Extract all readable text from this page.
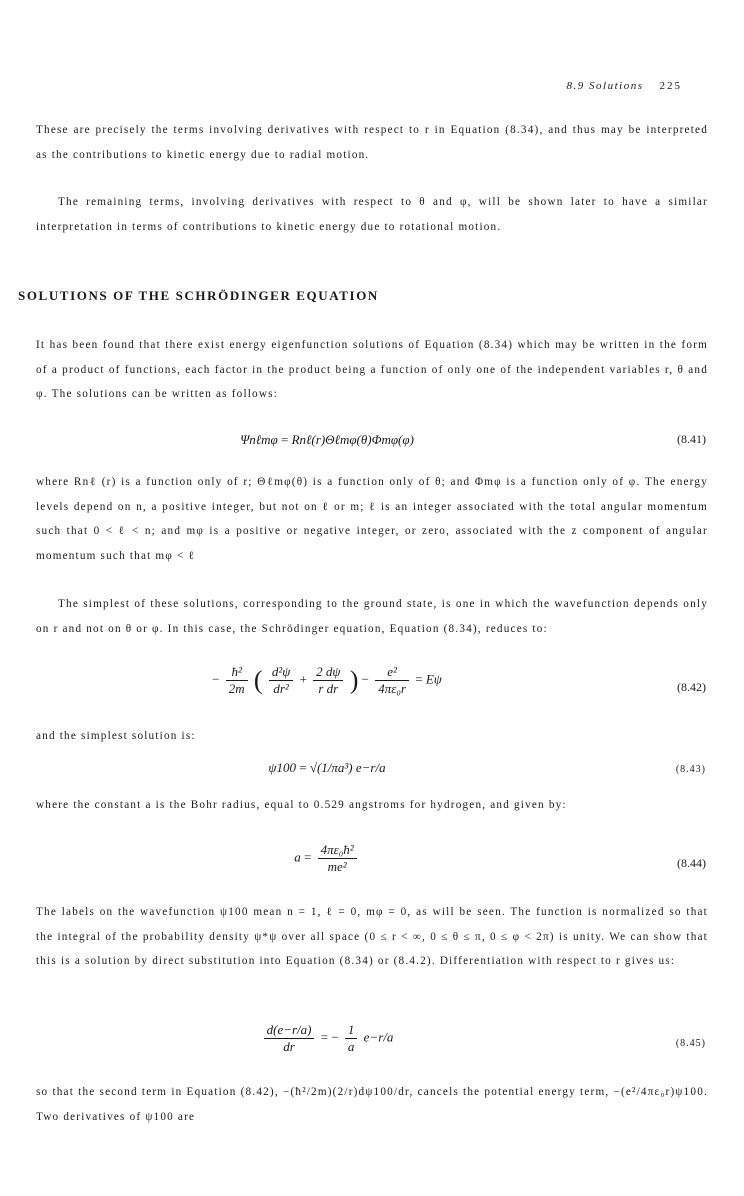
8.9 Solutions 225

These are precisely the terms involving derivatives with respect to r in Equation (8.34), and thus may be interpreted as the contributions to kinetic energy due to radial motion.

The remaining terms, involving derivatives with respect to θ and φ, will be shown later to have a similar interpretation in terms of contributions to kinetic energy due to rotational motion.

SOLUTIONS OF THE SCHRÖDINGER EQUATION

It has been found that there exist energy eigenfunction solutions of Equation (8.34) which may be written in the form of a product of functions, each factor in the product being a function of only one of the independent variables r, θ and φ. The solutions can be written as follows:

Ψnℓmφ = Rnℓ(r)Θℓmφ(θ)Φmφ(φ)	(8.41)

where Rnℓ (r) is a function only of r; Θℓmφ(θ) is a function only of θ; and Φmφ is a function only of φ. The energy levels depend on n, a positive integer, but not on ℓ or m; ℓ is an integer associated with the total angular momentum such that 0 < ℓ < n; and mφ is a positive or negative integer, or zero, associated with the z component of angular momentum such that mφ < ℓ

The simplest of these solutions, corresponding to the ground state, is one in which the wavefunction depends only on r and not on θ or φ. In this case, the Schrödinger equation, Equation (8.34), reduces to:

− $\frac{\text{ħ²}}{2m}$ ( $\frac{\text{d²ψ}}{\text{dr²}} + \frac{2 d\psi}{\text{r dr}}$ ) − $\frac{\text{e²}}{\text{4πε₀r}} = E\psi$
(8.42)

and the simplest solution is:

ψ100 = √(1/πa³) e−r/a	(8.43)

where the constant a is the Bohr radius, equal to 0.529 angstroms for hydrogen, and given by:

$a = \frac{\text{4πε₀ħ²}}{\text{me²}}$	(8.44)

The labels on the wavefunction ψ100 mean n = 1, ℓ = 0, mφ = 0, as will be seen. The function is normalized so that the integral of the probability density ψ*ψ over all space (0 ≤ r < ∞, 0 ≤ θ ≤ π, 0 ≤ φ < 2π) is unity. We can show that this is a solution by direct substitution into Equation (8.34) or (8.4.2). Differentiation with respect to r gives us:

$\frac{d(e-r/a)}{dr}$ = − $\frac{1}{a} e-r/a$	(8.45)

so that the second term in Equation (8.42), −(ħ²/2m)(2/r)dψ100/dr, cancels the potential energy term, −(e²/4πε₀r)ψ100. Two derivatives of ψ100 are
